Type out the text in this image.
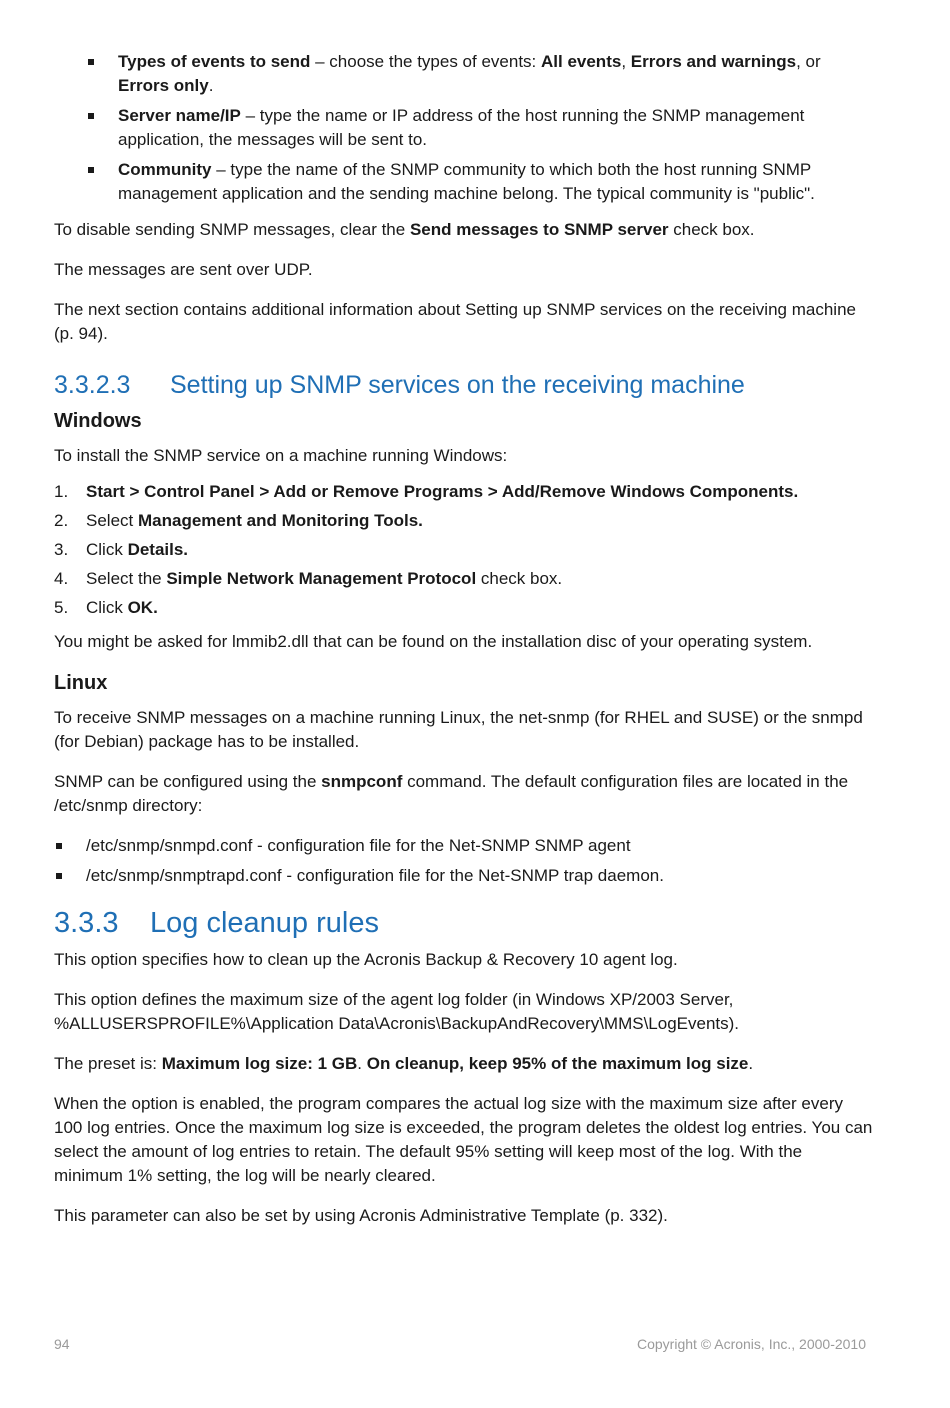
Types of events to send – choose the types of events: All events, Errors and warnings, or Errors only.
Server name/IP – type the name or IP address of the host running the SNMP management application, the messages will be sent to.
Community – type the name of the SNMP community to which both the host running SNMP management application and the sending machine belong. The typical community is "public".

To disable sending SNMP messages, clear the Send messages to SNMP server check box.

The messages are sent over UDP.

The next section contains additional information about Setting up SNMP services on the receiving machine (p. 94).

3.3.2.3 Setting up SNMP services on the receiving machine
Windows

To install the SNMP service on a machine running Windows:

1. Start > Control Panel > Add or Remove Programs > Add/Remove Windows Components.
2. Select Management and Monitoring Tools.
3. Click Details.
4. Select the Simple Network Management Protocol check box.
5. Click OK.

You might be asked for lmmib2.dll that can be found on the installation disc of your operating system.

Linux

To receive SNMP messages on a machine running Linux, the net-snmp (for RHEL and SUSE) or the snmpd (for Debian) package has to be installed.

SNMP can be configured using the snmpconf command. The default configuration files are located in the /etc/snmp directory:

/etc/snmp/snmpd.conf - configuration file for the Net-SNMP SNMP agent
/etc/snmp/snmptrapd.conf - configuration file for the Net-SNMP trap daemon.
3.3.3 Log cleanup rules

This option specifies how to clean up the Acronis Backup & Recovery 10 agent log.

This option defines the maximum size of the agent log folder (in Windows XP/2003 Server, %ALLUSERSPROFILE%\Application Data\Acronis\BackupAndRecovery\MMS\LogEvents).

The preset is: Maximum log size: 1 GB. On cleanup, keep 95% of the maximum log size.

When the option is enabled, the program compares the actual log size with the maximum size after every 100 log entries. Once the maximum log size is exceeded, the program deletes the oldest log entries. You can select the amount of log entries to retain. The default 95% setting will keep most of the log. With the minimum 1% setting, the log will be nearly cleared.

This parameter can also be set by using Acronis Administrative Template (p. 332).

94	Copyright © Acronis, Inc., 2000-2010
